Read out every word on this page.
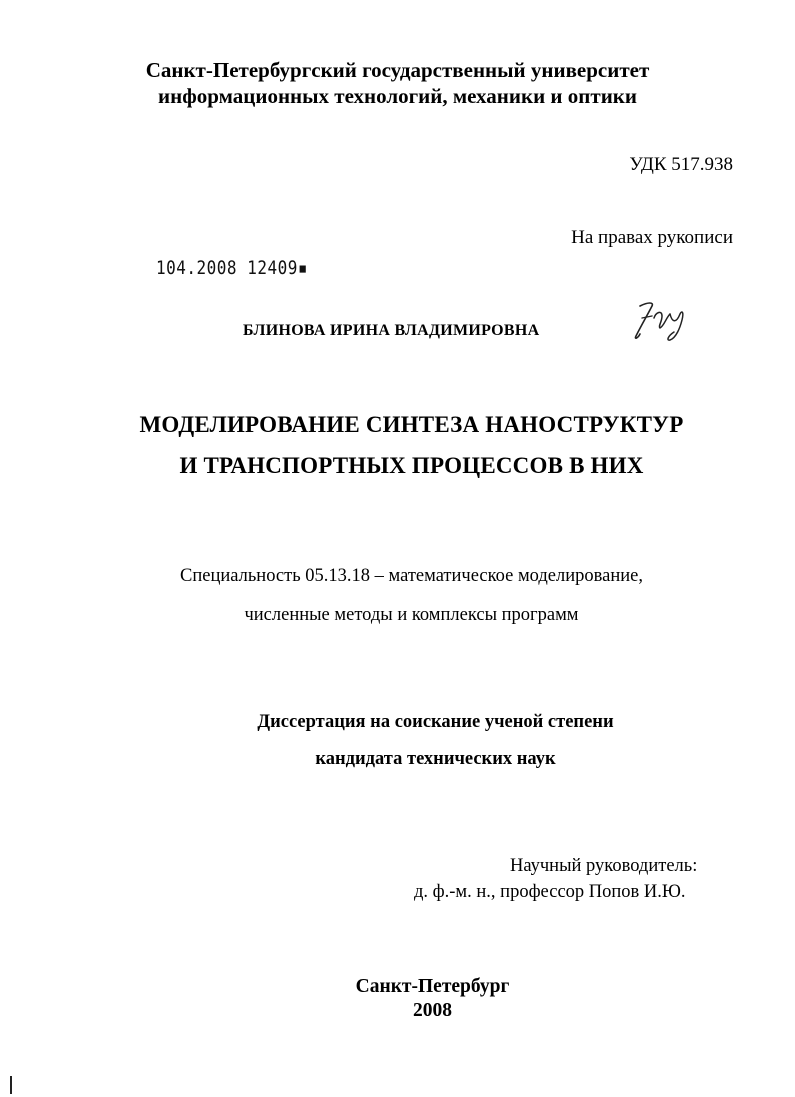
Санкт-Петербургский государственный университет
информационных технологий, механики и оптики
УДК 517.938
На правах рукописи
104.2008 12409▪
БЛИНОВА ИРИНА ВЛАДИМИРОВНА
МОДЕЛИРОВАНИЕ СИНТЕЗА НАНОСТРУКТУР
И ТРАНСПОРТНЫХ ПРОЦЕССОВ В НИХ
Специальность 05.13.18 – математическое моделирование,
численные методы и комплексы программ
Диссертация на соискание ученой степени
кандидата технических наук
Научный руководитель:
д. ф.-м. н., профессор Попов И.Ю.
Санкт-Петербург
2008
